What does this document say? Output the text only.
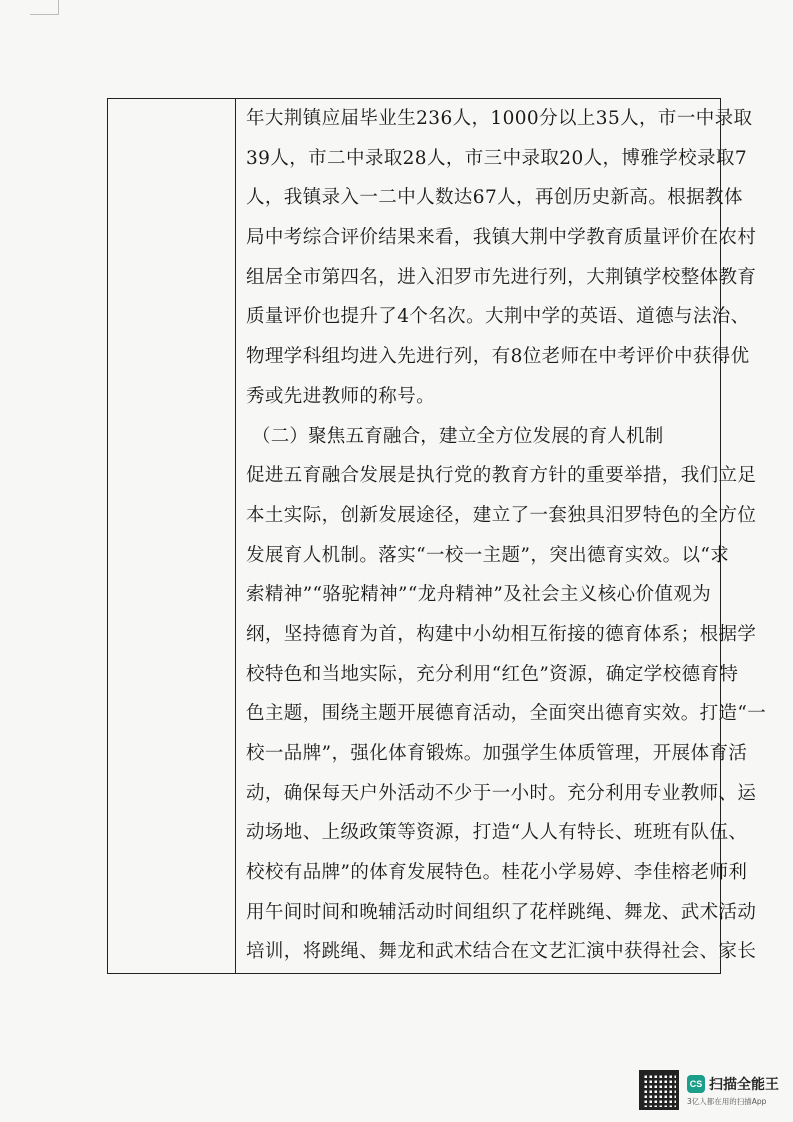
年大荆镇应届毕业生236人，1000分以上35人，市一中录取
39人，市二中录取28人，市三中录取20人，博雅学校录取7
人，我镇录入一二中人数达67人，再创历史新高。根据教体
局中考综合评价结果来看，我镇大荆中学教育质量评价在农村
组居全市第四名，进入汨罗市先进行列，大荆镇学校整体教育
质量评价也提升了4个名次。大荆中学的英语、道德与法治、
物理学科组均进入先进行列，有8位老师在中考评价中获得优
秀或先进教师的称号。
（二）聚焦五育融合，建立全方位发展的育人机制
促进五育融合发展是执行党的教育方针的重要举措，我们立足
本土实际，创新发展途径，建立了一套独具汨罗特色的全方位
发展育人机制。落实“一校一主题”，突出德育实效。以“求
索精神”“骆驼精神”“龙舟精神”及社会主义核心价值观为
纲，坚持德育为首，构建中小幼相互衔接的德育体系；根据学
校特色和当地实际，充分利用“红色”资源，确定学校德育特
色主题，围绕主题开展德育活动，全面突出德育实效。打造“一
校一品牌”，强化体育锻炼。加强学生体质管理，开展体育活
动，确保每天户外活动不少于一小时。充分利用专业教师、运
动场地、上级政策等资源，打造“人人有特长、班班有队伍、
校校有品牌”的体育发展特色。桂花小学易婷、李佳榕老师利
用午间时间和晚辅活动时间组织了花样跳绳、舞龙、武术活动
培训，将跳绳、舞龙和武术结合在文艺汇演中获得社会、家长
CS 扫描全能王
3亿人都在用的扫描App
